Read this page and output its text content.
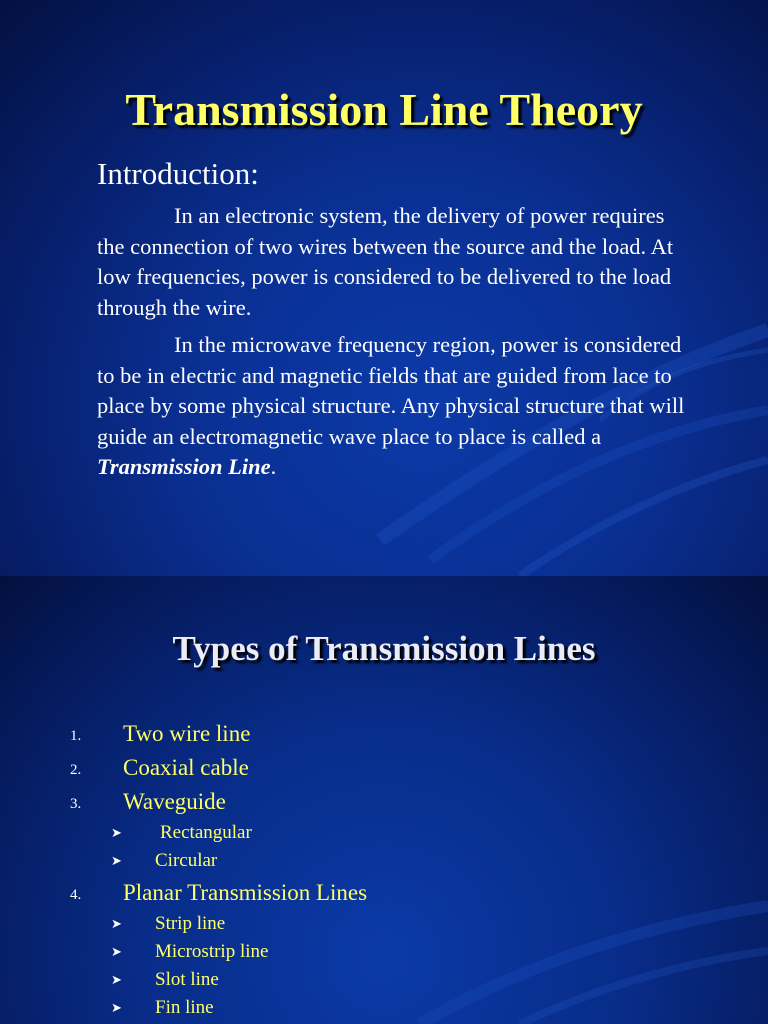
Transmission Line Theory
Introduction:

In an electronic system, the delivery of power requires the connection of two wires between the source and the load. At low frequencies, power is considered to be delivered to the load through the wire.

In the microwave frequency region, power is considered to be in electric and magnetic fields that are guided from lace to place by some physical structure. Any physical structure that will guide an electromagnetic wave place to place is called a Transmission Line.

Types of Transmission Lines
1. Two wire line
2. Coaxial cable
3. Waveguide
➤ Rectangular
➤ Circular
4. Planar Transmission Lines
➤ Strip line
➤ Microstrip line
➤ Slot line
➤ Fin line
